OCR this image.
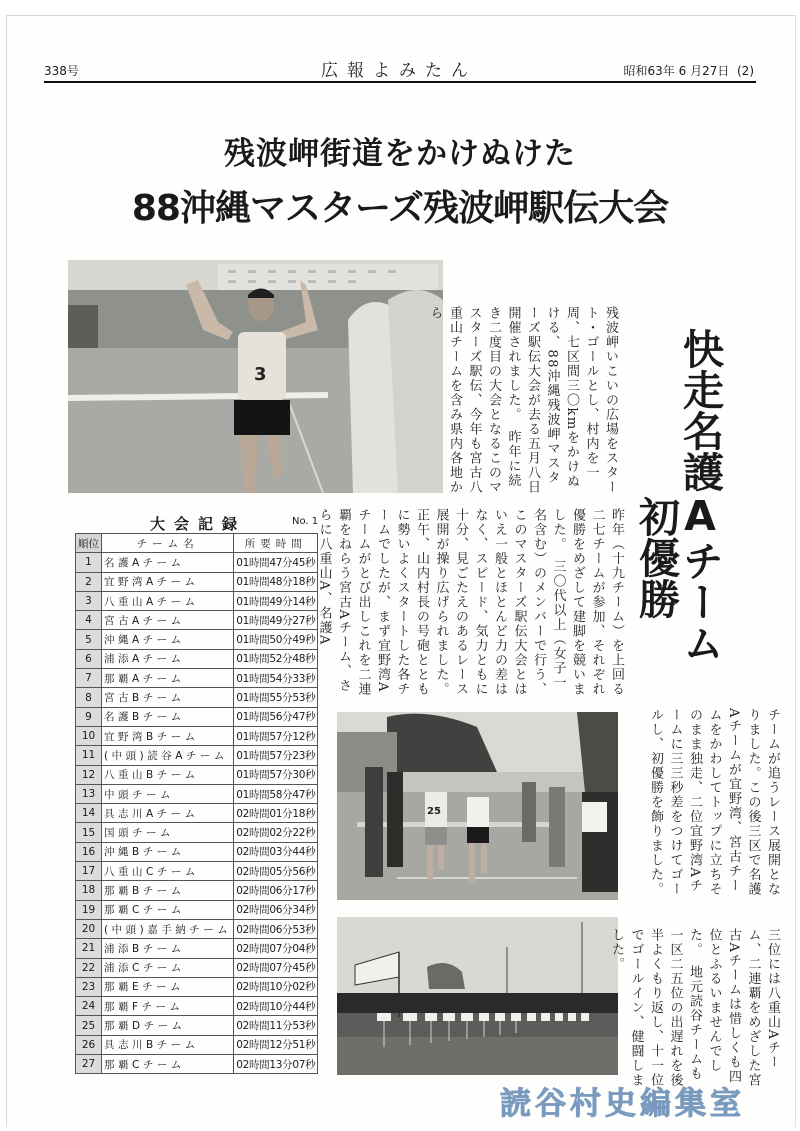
338号	広報よみたん	昭和63年 6 月27日 (2)
残波岬街道をかけぬけた
88沖縄マスターズ残波岬駅伝大会
3	残波岬いこいの広場をスタート・ゴールとし、村内を一周、七区間三〇kmをかけぬける、88沖縄残波岬マスターズ駅伝大会が去る五月八日開催されました。　昨年に続き二度目の大会となるこのマスターズ駅伝、今年も宮古八重山チームを含み県内各地から
快走名護Aチーム
初優勝
昨年（十九チーム）を上回る二七チームが参加、それぞれ優勝をめざして建脚を競いました。　三〇代以上（女子一名含む）のメンバーで行う、このマスターズ駅伝大会とはいえ一般とほとんど力の差はなく、スピード、気力ともに十分、見ごたえのあるレース展開が操り広げられました。　正午、山内村長の号砲とともに勢いよくスタートした各チームでしたが、まず宜野湾Aチームがとび出しこれを二連覇をねらう宮古Aチーム、さらに八重山A、名護A
大会記録	No. 1
順位	チーム名	所要時間
1	名護Aチーム	01時間47分45秒
2	宜野湾Aチーム	01時間48分18秒
3	八重山Aチーム	01時間49分14秒
4	宮古Aチーム	01時間49分27秒
5	沖縄Aチーム	01時間50分49秒
6	浦添Aチーム	01時間52分48秒
7	那覇Aチーム	01時間54分33秒
8	宮古Bチーム	01時間55分53秒
9	名護Bチーム	01時間56分47秒
10	宜野湾Bチーム	01時間57分12秒
11	(中頭)読谷Aチーム	01時間57分23秒
12	八重山Bチーム	01時間57分30秒
13	中頭チーム	01時間58分47秒
14	具志川Aチーム	02時間01分18秒
15	国頭チーム	02時間02分22秒
16	沖縄Bチーム	02時間03分44秒
17	八重山Cチーム	02時間05分56秒
18	那覇Bチーム	02時間06分17秒
19	那覇Cチーム	02時間06分34秒
20	(中頭)嘉手納チーム	02時間06分53秒
21	浦添Bチーム	02時間07分04秒
22	浦添Cチーム	02時間07分45秒
23	那覇Eチーム	02時間10分02秒
24	那覇Fチーム	02時間10分44秒
25	那覇Dチーム	02時間11分53秒
26	具志川Bチーム	02時間12分51秒
27	那覇Cチーム	02時間13分07秒
25	チームが追うレース展開となりました。この後三区で名護Aチームが宜野湾、宮古チームをかわしてトップに立ちそのまま独走、二位宜野湾Aチームに三三秒差をつけてゴールし、初優勝を飾りました。
三位には八重山Aチーム、二連覇をめざした宮古Aチームは惜しくも四位とふるいませんでした。　地元読谷チームも一区二五位の出遅れを後半よくもり返し、十一位でゴールイン、健闘しました。
読谷村史編集室
